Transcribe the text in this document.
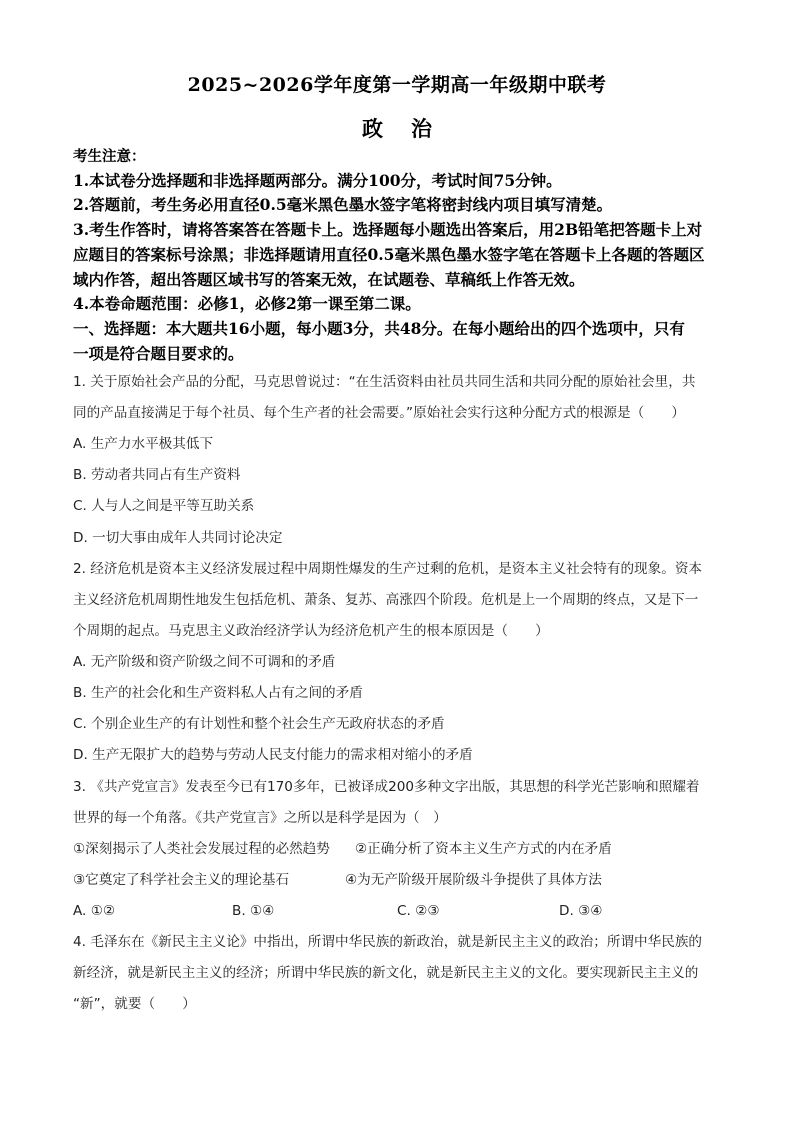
2025~2026学年度第一学期高一年级期中联考
政治
考生注意：
1.本试卷分选择题和非选择题两部分。满分100分，考试时间75分钟。
2.答题前，考生务必用直径0.5毫米黑色墨水签字笔将密封线内项目填写清楚。
3.考生作答时，请将答案答在答题卡上。选择题每小题选出答案后，用2B铅笔把答题卡上对
应题目的答案标号涂黑；非选择题请用直径0.5毫米黑色墨水签字笔在答题卡上各题的答题区
域内作答，超出答题区域书写的答案无效，在试题卷、草稿纸上作答无效。
4.本卷命题范围：必修1，必修2第一课至第二课。
一、选择题：本大题共16小题，每小题3分，共48分。在每小题给出的四个选项中，只有
一项是符合题目要求的。
1. 关于原始社会产品的分配，马克思曾说过：“在生活资料由社员共同生活和共同分配的原始社会里，共
同的产品直接满足于每个社员、每个生产者的社会需要。”原始社会实行这种分配方式的根源是（　　）
A. 生产力水平极其低下
B. 劳动者共同占有生产资料
C. 人与人之间是平等互助关系
D. 一切大事由成年人共同讨论决定
2. 经济危机是资本主义经济发展过程中周期性爆发的生产过剩的危机，是资本主义社会特有的现象。资本
主义经济危机周期性地发生包括危机、萧条、复苏、高涨四个阶段。危机是上一个周期的终点，又是下一
个周期的起点。马克思主义政治经济学认为经济危机产生的根本原因是（　　）
A. 无产阶级和资产阶级之间不可调和的矛盾
B. 生产的社会化和生产资料私人占有之间的矛盾
C. 个别企业生产的有计划性和整个社会生产无政府状态的矛盾
D. 生产无限扩大的趋势与劳动人民支付能力的需求相对缩小的矛盾
3. 《共产党宣言》发表至今已有170多年，已被译成200多种文字出版，其思想的科学光芒影响和照耀着
世界的每一个角落。《共产党宣言》之所以是科学是因为（　）
①深刻揭示了人类社会发展过程的必然趋势 ②正确分析了资本主义生产方式的内在矛盾
③它奠定了科学社会主义的理论基石	④为无产阶级开展阶级斗争提供了具体方法
A. ①②	B. ①④	C. ②③	D. ③④
4. 毛泽东在《新民主主义论》中指出，所谓中华民族的新政治，就是新民主主义的政治；所谓中华民族的
新经济，就是新民主主义的经济；所谓中华民族的新文化，就是新民主主义的文化。要实现新民主主义的
“新”，就要（　　）
